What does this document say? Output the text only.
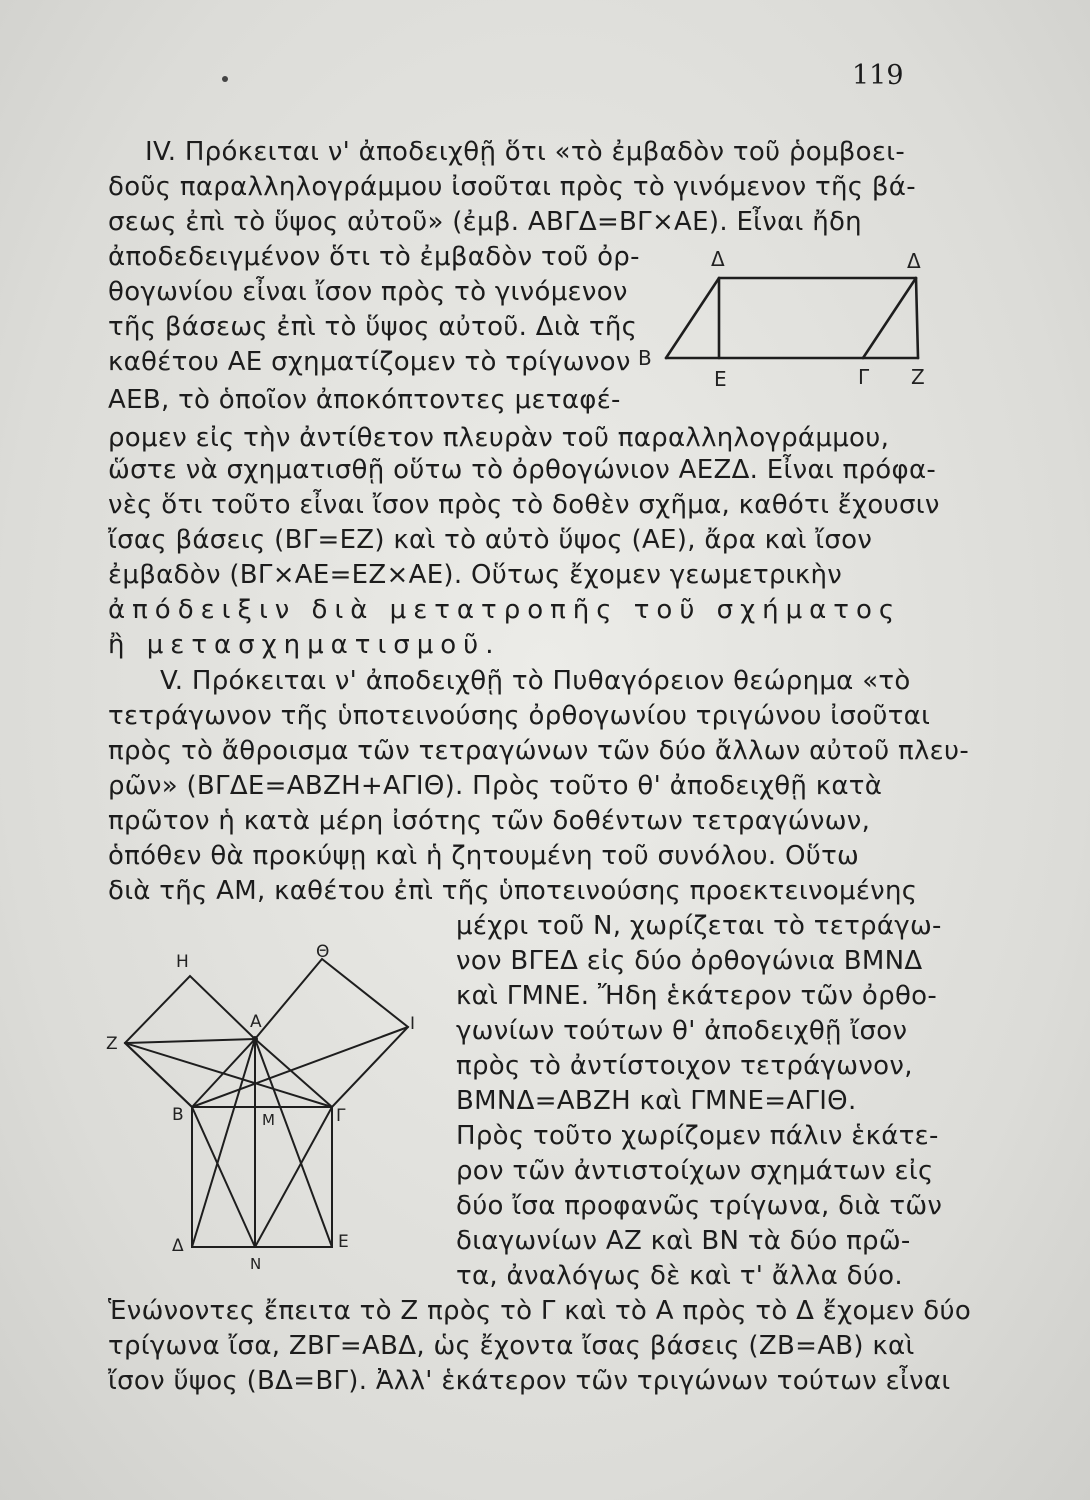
119
IV. Πρόκειται ν' ἀποδειχθῇ ὅτι «τὸ ἐμβαδὸν τοῦ ῥομβοει-
δοῦς παραλληλογράμμου ἰσοῦται πρὸς τὸ γινόμενον τῆς βά-
σεως ἐπὶ τὸ ὕψος αὐτοῦ» (ἐμβ. ΑΒΓΔ=ΒΓ×ΑΕ). Εἶναι ἤδη
ἀποδεδειγμένον ὅτι τὸ ἐμβαδὸν τοῦ ὀρ-
θογωνίου εἶναι ἴσον πρὸς τὸ γινόμενον
τῆς βάσεως ἐπὶ τὸ ὕψος αὐτοῦ. Διὰ τῆς
καθέτου ΑΕ σχηματίζομεν τὸ τρίγωνον
ΑΕΒ, τὸ ὁποῖον ἀποκόπτοντες μεταφέ-
ρομεν εἰς τὴν ἀντίθετον πλευρὰν τοῦ παραλληλογράμμου,
ὥστε νὰ σχηματισθῇ οὕτω τὸ ὀρθογώνιον ΑΕΖΔ. Εἶναι πρόφα-
νὲς ὅτι τοῦτο εἶναι ἴσον πρὸς τὸ δοθὲν σχῆμα, καθότι ἔχουσιν
ἴσας βάσεις (ΒΓ=ΕΖ) καὶ τὸ αὐτὸ ὕψος (ΑΕ), ἄρα καὶ ἴσον
ἐμβαδὸν (ΒΓ×ΑΕ=ΕΖ×ΑΕ). Οὕτως ἔχομεν γεωμετρικὴν
ἀπόδειξιν διὰ μετατροπῆς τοῦ σχήματος
ἢ μετασχηματισμοῦ.
V. Πρόκειται ν' ἀποδειχθῇ τὸ Πυθαγόρειον θεώρημα «τὸ
τετράγωνον τῆς ὑποτεινούσης ὀρθογωνίου τριγώνου ἰσοῦται
πρὸς τὸ ἄθροισμα τῶν τετραγώνων τῶν δύο ἄλλων αὐτοῦ πλευ-
ρῶν» (ΒΓΔΕ=ΑΒΖΗ+ΑΓΙΘ). Πρὸς τοῦτο θ' ἀποδειχθῇ κατὰ
πρῶτον ἡ κατὰ μέρη ἰσότης τῶν δοθέντων τετραγώνων,
ὁπόθεν θὰ προκύψῃ καὶ ἡ ζητουμένη τοῦ συνόλου. Οὕτω
διὰ τῆς ΑΜ, καθέτου ἐπὶ τῆς ὑποτεινούσης προεκτεινομένης
μέχρι τοῦ Ν, χωρίζεται τὸ τετράγω-
νον ΒΓΕΔ εἰς δύο ὀρθογώνια ΒΜΝΔ
καὶ ΓΜΝΕ. Ἤδη ἑκάτερον τῶν ὀρθο-
γωνίων τούτων θ' ἀποδειχθῇ ἴσον
πρὸς τὸ ἀντίστοιχον τετράγωνον,
ΒΜΝΔ=ΑΒΖΗ καὶ ΓΜΝΕ=ΑΓΙΘ.
Πρὸς τοῦτο χωρίζομεν πάλιν ἑκάτε-
ρον τῶν ἀντιστοίχων σχημάτων εἰς
δύο ἴσα προφανῶς τρίγωνα, διὰ τῶν
διαγωνίων ΑΖ καὶ ΒΝ τὰ δύο πρῶ-
τα, ἀναλόγως δὲ καὶ τ' ἄλλα δύο.
Ἑνώνοντες ἔπειτα τὸ Ζ πρὸς τὸ Γ καὶ τὸ Α πρὸς τὸ Δ ἔχομεν δύο
τρίγωνα ἴσα, ΖΒΓ=ΑΒΔ, ὡς ἔχοντα ἴσας βάσεις (ΖΒ=ΑΒ) καὶ
ἴσον ὕψος (ΒΔ=ΒΓ). Ἀλλ' ἑκάτερον τῶν τριγώνων τούτων εἶναι
Δ	Δ
Β
Ε	Γ Ζ
Η	Θ
Ζ
Α	Ι
Β	Μ	Γ
Δ	Ε
Ν
